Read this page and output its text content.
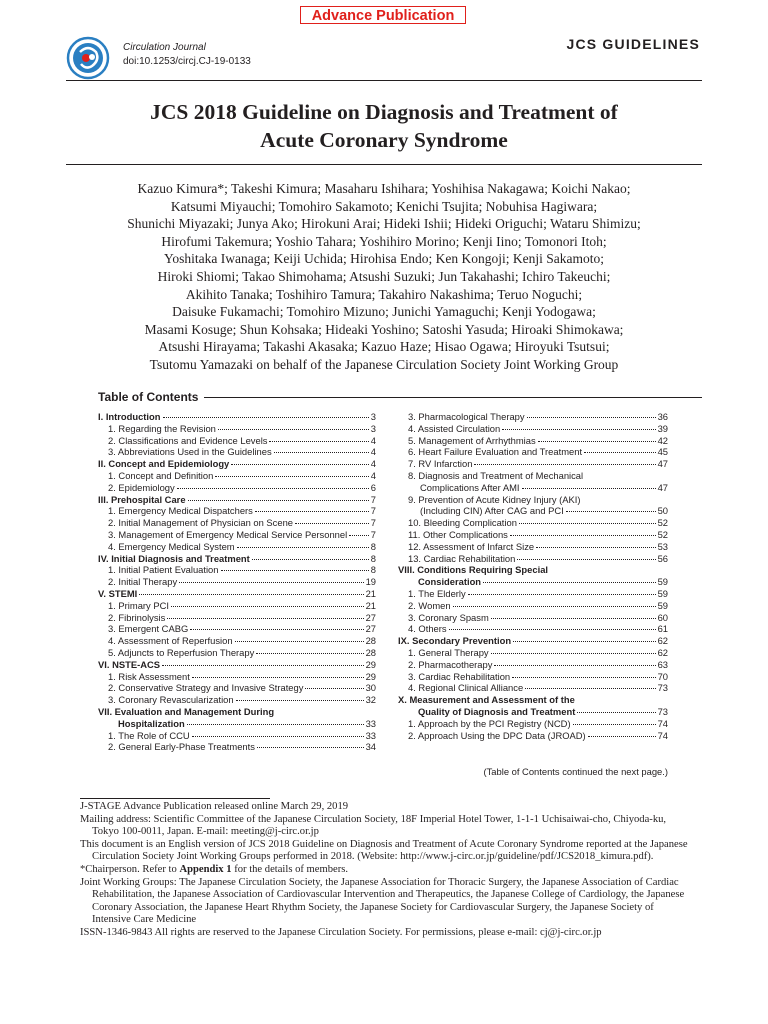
Advance Publication
Circulation Journal
doi:10.1253/circj.CJ-19-0133
JCS GUIDELINES
JCS 2018 Guideline on Diagnosis and Treatment of
Acute Coronary Syndrome
Kazuo Kimura*; Takeshi Kimura; Masaharu Ishihara; Yoshihisa Nakagawa; Koichi Nakao;
Katsumi Miyauchi; Tomohiro Sakamoto; Kenichi Tsujita; Nobuhisa Hagiwara;
Shunichi Miyazaki; Junya Ako; Hirokuni Arai; Hideki Ishii; Hideki Origuchi; Wataru Shimizu;
Hirofumi Takemura; Yoshio Tahara; Yoshihiro Morino; Kenji Iino; Tomonori Itoh;
Yoshitaka Iwanaga; Keiji Uchida; Hirohisa Endo; Ken Kongoji; Kenji Sakamoto;
Hiroki Shiomi; Takao Shimohama; Atsushi Suzuki; Jun Takahashi; Ichiro Takeuchi;
Akihito Tanaka; Toshihiro Tamura; Takahiro Nakashima; Teruo Noguchi;
Daisuke Fukamachi; Tomohiro Mizuno; Junichi Yamaguchi; Kenji Yodogawa;
Masami Kosuge; Shun Kohsaka; Hideaki Yoshino; Satoshi Yasuda; Hiroaki Shimokawa;
Atsushi Hirayama; Takashi Akasaka; Kazuo Haze; Hisao Ogawa; Hiroyuki Tsutsui;
Tsutomu Yamazaki on behalf of the Japanese Circulation Society Joint Working Group
Table of Contents
I. Introduction	3
1. Regarding the Revision	3
2. Classifications and Evidence Levels	4
3. Abbreviations Used in the Guidelines	4
II. Concept and Epidemiology	4
1. Concept and Definition	4
2. Epidemiology	6
III. Prehospital Care	7
1. Emergency Medical Dispatchers	7
2. Initial Management of Physician on Scene	7
3. Management of Emergency Medical Service Personnel	7
4. Emergency Medical System	8
IV. Initial Diagnosis and Treatment	8
1. Initial Patient Evaluation	8
2. Initial Therapy	19
V. STEMI	21
1. Primary PCI	21
2. Fibrinolysis	27
3. Emergent CABG	27
4. Assessment of Reperfusion	28
5. Adjuncts to Reperfusion Therapy	28
VI. NSTE-ACS	29
1. Risk Assessment	29
2. Conservative Strategy and Invasive Strategy	30
3. Coronary Revascularization	32
VII. Evaluation and Management During
Hospitalization	33
1. The Role of CCU	33
2. General Early-Phase Treatments	34
3. Pharmacological Therapy	36
4. Assisted Circulation	39
5. Management of Arrhythmias	42
6. Heart Failure Evaluation and Treatment	45
7. RV Infarction	47
8. Diagnosis and Treatment of Mechanical
Complications After AMI	47
9. Prevention of Acute Kidney Injury (AKI)
(Including CIN) After CAG and PCI	50
10. Bleeding Complication	52
11. Other Complications	52
12. Assessment of Infarct Size	53
13. Cardiac Rehabilitation	56
VIII. Conditions Requiring Special
Consideration	59
1. The Elderly	59
2. Women	59
3. Coronary Spasm	60
4. Others	61
IX. Secondary Prevention	62
1. General Therapy	62
2. Pharmacotherapy	63
3. Cardiac Rehabilitation	70
4. Regional Clinical Alliance	73
X. Measurement and Assessment of the
Quality of Diagnosis and Treatment	73
1. Approach by the PCI Registry (NCD)	74
2. Approach Using the DPC Data (JROAD)	74
(Table of Contents continued the next page.)

J-STAGE Advance Publication released online March 29, 2019

Mailing address: Scientific Committee of the Japanese Circulation Society, 18F Imperial Hotel Tower, 1-1-1 Uchisaiwai-cho, Chiyoda-ku, Tokyo 100-0011, Japan. E-mail: meeting@j-circ.or.jp

This document is an English version of JCS 2018 Guideline on Diagnosis and Treatment of Acute Coronary Syndrome reported at the Japanese Circulation Society Joint Working Groups performed in 2018. (Website: http://www.j-circ.or.jp/guideline/pdf/JCS2018_kimura.pdf).

*Chairperson. Refer to Appendix 1 for the details of members.

Joint Working Groups: The Japanese Circulation Society, the Japanese Association for Thoracic Surgery, the Japanese Association of Cardiac Rehabilitation, the Japanese Association of Cardiovascular Intervention and Therapeutics, the Japanese College of Cardiology, the Japanese Coronary Association, the Japanese Heart Rhythm Society, the Japanese Society for Cardiovascular Surgery, the Japanese Society of Intensive Care Medicine

ISSN-1346-9843 All rights are reserved to the Japanese Circulation Society. For permissions, please e-mail: cj@j-circ.or.jp
